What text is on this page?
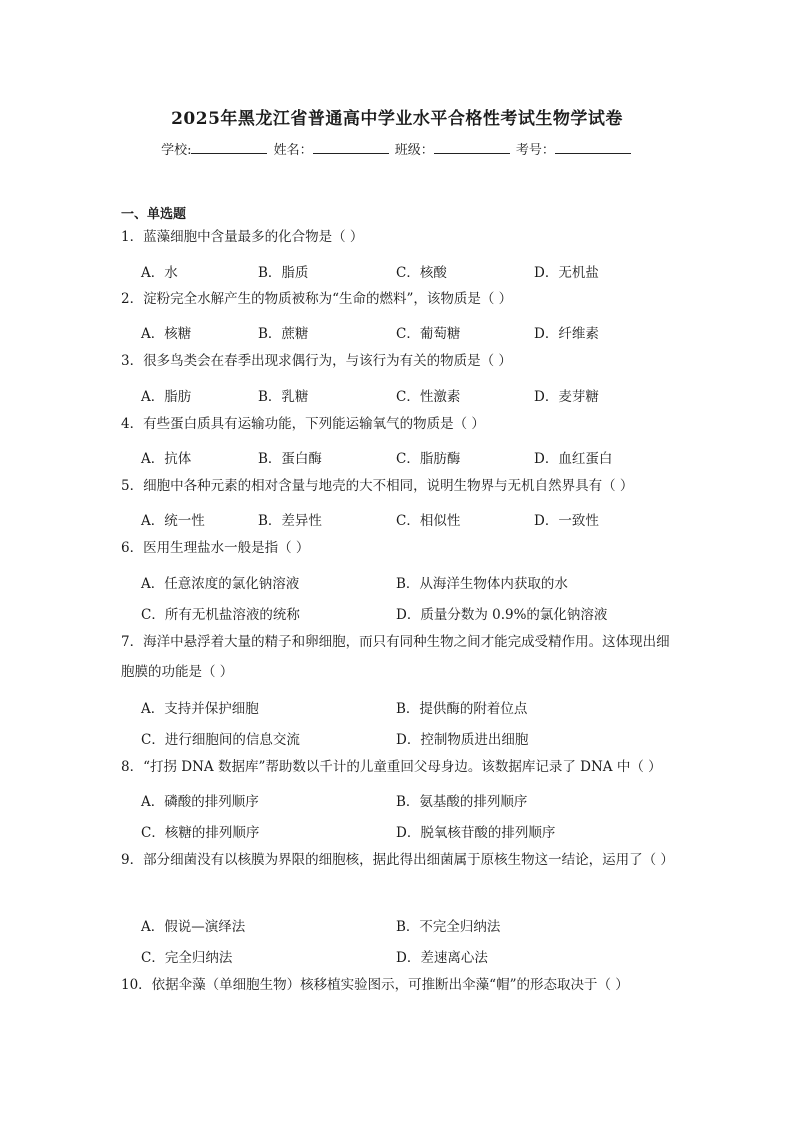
2025年黑龙江省普通高中学业水平合格性考试生物学试卷
学校:	姓名：	班级：	考号：
一、单选题
1．蓝藻细胞中含量最多的化合物是（ ）
A．水	B．脂质	C．核酸	D．无机盐
2．淀粉完全水解产生的物质被称为“生命的燃料”，该物质是（ ）
A．核糖	B．蔗糖	C．葡萄糖	D．纤维素
3．很多鸟类会在春季出现求偶行为，与该行为有关的物质是（ ）
A．脂肪	B．乳糖	C．性激素	D．麦芽糖
4．有些蛋白质具有运输功能，下列能运输氧气的物质是（ ）
A．抗体	B．蛋白酶	C．脂肪酶	D．血红蛋白
5．细胞中各种元素的相对含量与地壳的大不相同，说明生物界与无机自然界具有（ ）
A．统一性	B．差异性	C．相似性	D．一致性
6．医用生理盐水一般是指（ ）
A．任意浓度的氯化钠溶液	B．从海洋生物体内获取的水
C．所有无机盐溶液的统称	D．质量分数为 0.9%的氯化钠溶液
7．海洋中悬浮着大量的精子和卵细胞，而只有同种生物之间才能完成受精作用。这体现出细胞膜的功能是（ ）
A．支持并保护细胞	B．提供酶的附着位点
C．进行细胞间的信息交流	D．控制物质进出细胞
8．“打拐 DNA 数据库”帮助数以千计的儿童重回父母身边。该数据库记录了 DNA 中（ ）
A．磷酸的排列顺序	B．氨基酸的排列顺序
C．核糖的排列顺序	D．脱氧核苷酸的排列顺序
9．部分细菌没有以核膜为界限的细胞核，据此得出细菌属于原核生物这一结论，运用了（ ）
A．假说—演绎法	B．不完全归纳法
C．完全归纳法	D．差速离心法
10．依据伞藻（单细胞生物）核移植实验图示，可推断出伞藻“帽”的形态取决于（ ）
